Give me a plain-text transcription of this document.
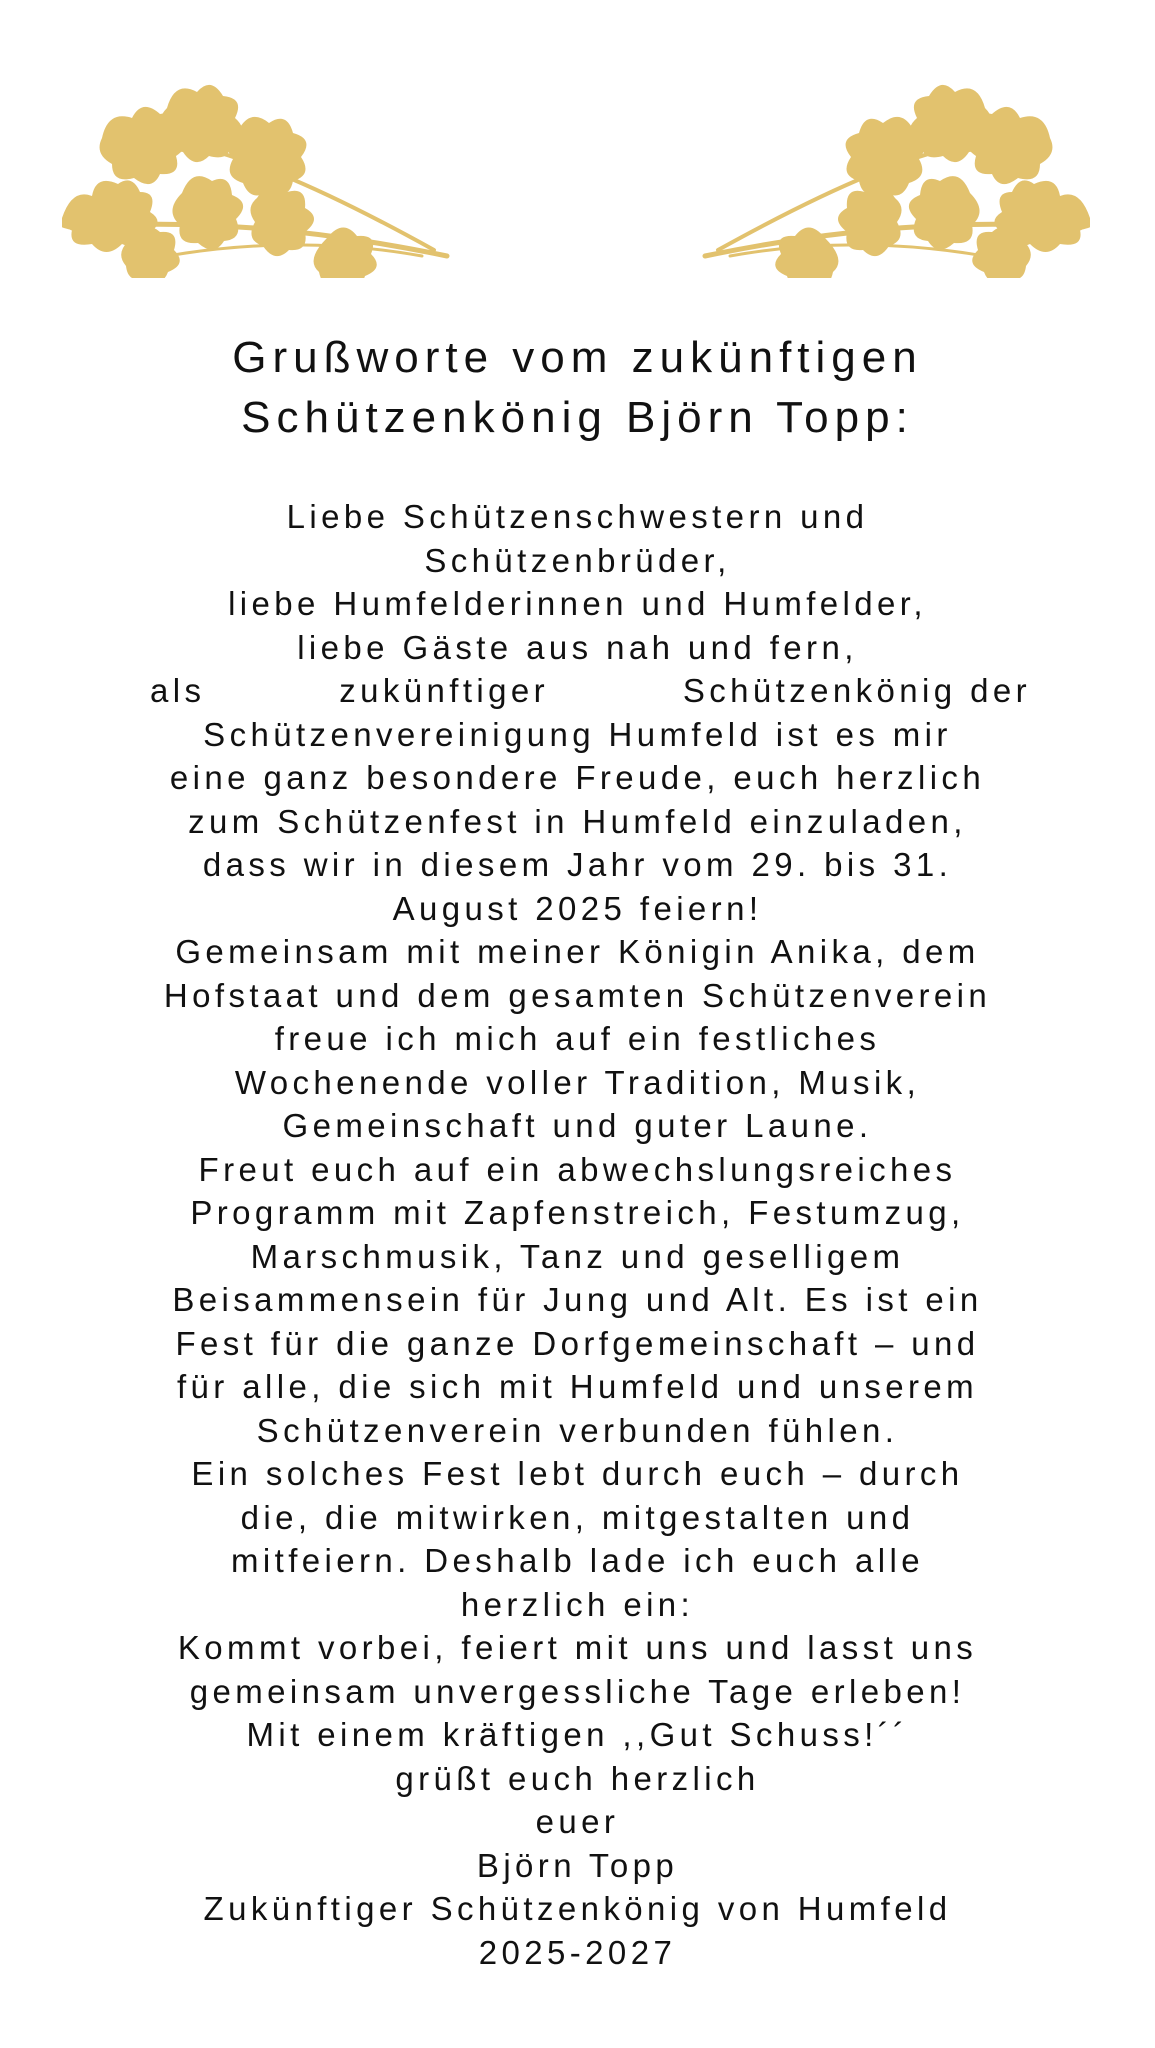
Grußworte vom zukünftigen
Schützenkönig Björn Topp:
Liebe Schützenschwestern und
Schützenbrüder,
liebe Humfelderinnen und Humfelder,
liebe Gäste aus nah und fern,
als	zukünftiger	Schützenkönig der
Schützenvereinigung Humfeld ist es mir
eine ganz besondere Freude, euch herzlich
zum Schützenfest in Humfeld einzuladen,
dass wir in diesem Jahr vom 29. bis 31.
August 2025 feiern!
Gemeinsam mit meiner Königin Anika, dem
Hofstaat und dem gesamten Schützenverein
freue ich mich auf ein festliches
Wochenende voller Tradition, Musik,
Gemeinschaft und guter Laune.
Freut euch auf ein abwechslungsreiches
Programm mit Zapfenstreich, Festumzug,
Marschmusik, Tanz und geselligem
Beisammensein für Jung und Alt. Es ist ein
Fest für die ganze Dorfgemeinschaft – und
für alle, die sich mit Humfeld und unserem
Schützenverein verbunden fühlen.
Ein solches Fest lebt durch euch – durch
die, die mitwirken, mitgestalten und
mitfeiern. Deshalb lade ich euch alle
herzlich ein:
Kommt vorbei, feiert mit uns und lasst uns
gemeinsam unvergessliche Tage erleben!
Mit einem kräftigen ,,Gut Schuss!´´
grüßt euch herzlich
euer
Björn Topp
Zukünftiger Schützenkönig von Humfeld
2025-2027
